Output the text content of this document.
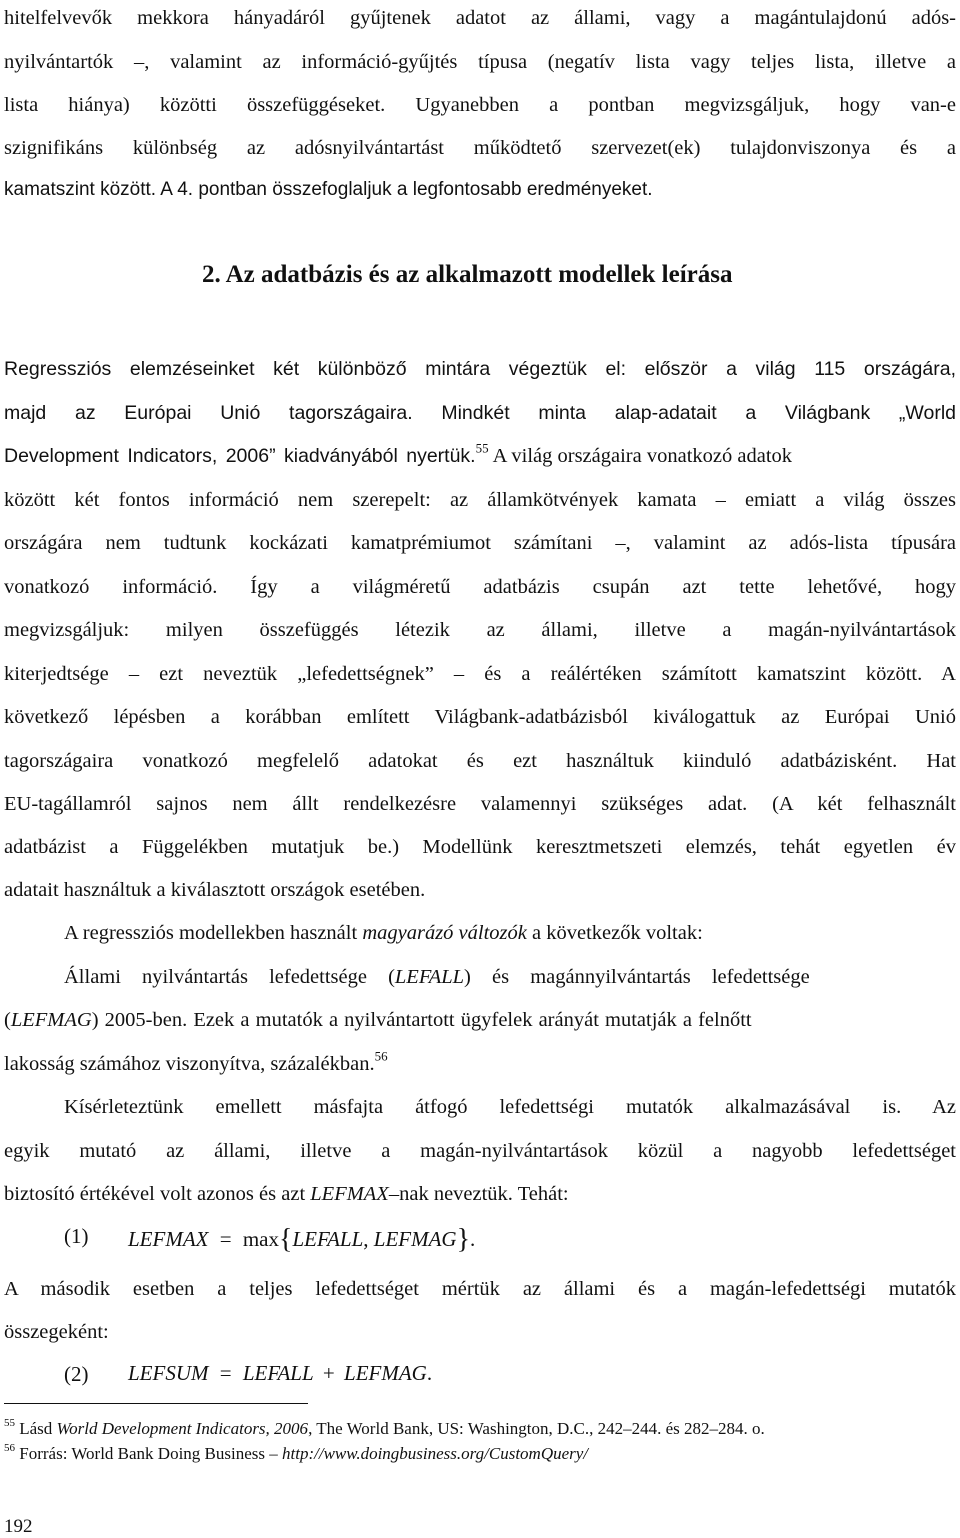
hitelfelvevők mekkora hányadáról gyűjtenek adatot az állami, vagy a magántulajdonú adós-
nyilvántartók –, valamint az információ-gyűjtés típusa (negatív lista vagy teljes lista, illetve a
lista hiánya) közötti összefüggéseket. Ugyanebben a pontban megvizsgáljuk, hogy van-e
szignifikáns különbség az adósnyilvántartást működtető szervezet(ek) tulajdonviszonya és a
kamatszint között. A 4. pontban összefoglaljuk a legfontosabb eredményeket.
2. Az adatbázis és az alkalmazott modellek leírása
Regressziós elemzéseinket két különböző mintára végeztük el: először a világ 115 országára,
majd az Európai Unió tagországaira. Mindkét minta alap-adatait a Világbank „World
Development Indicators, 2006” kiadványából nyertük.$^{55}$ A világ országaira vonatkozó adatok
között két fontos információ nem szerepelt: az államkötvények kamata – emiatt a világ összes
országára nem tudtunk kockázati kamatprémiumot számítani –, valamint az adós-lista típusára
vonatkozó információ. Így a világméretű adatbázis csupán azt tette lehetővé, hogy
megvizsgáljuk: milyen összefüggés létezik az állami, illetve a magán-nyilvántartások
kiterjedtsége – ezt neveztük „lefedettségnek” – és a reálértéken számított kamatszint között. A
következő lépésben a korábban említett Világbank-adatbázisból kiválogattuk az Európai Unió
tagországaira vonatkozó megfelelő adatokat és ezt használtuk kiinduló adatbázisként. Hat
EU-tagállamról sajnos nem állt rendelkezésre valamennyi szükséges adat. (A két felhasznált
adatbázist a Függelékben mutatjuk be.) Modellünk keresztmetszeti elemzés, tehát egyetlen év
adatait használtuk a kiválasztott országok esetében.
A regressziós modellekben használt magyarázó változók a következők voltak:
Állami nyilvántartás lefedettsége (LEFALL) és magánnyilvántartás lefedettsége
(LEFMAG) 2005-ben. Ezek a mutatók a nyilvántartott ügyfelek arányát mutatják a felnőtt
lakosság számához viszonyítva, százalékban.$^{56}$
Kísérleteztünk emellett másfajta átfogó lefedettségi mutatók alkalmazásával is. Az
egyik mutató az állami, illetve a magán-nyilvántartások közül a nagyobb lefedettséget
biztosító értékével volt azonos és azt LEFMAX–nak neveztük. Tehát:
(1) LEFMAX = max{LEFALL, LEFMAG}.
A második esetben a teljes lefedettséget mértük az állami és a magán-lefedettségi mutatók
összegeként:
(2) LEFSUM = LEFALL + LEFMAG.
$^{55}$ Lásd World Development Indicators, 2006, The World Bank, US: Washington, D.C., 242–244. és 282–284. o.
$^{56}$ Forrás: World Bank Doing Business – http://www.doingbusiness.org/CustomQuery/
192
